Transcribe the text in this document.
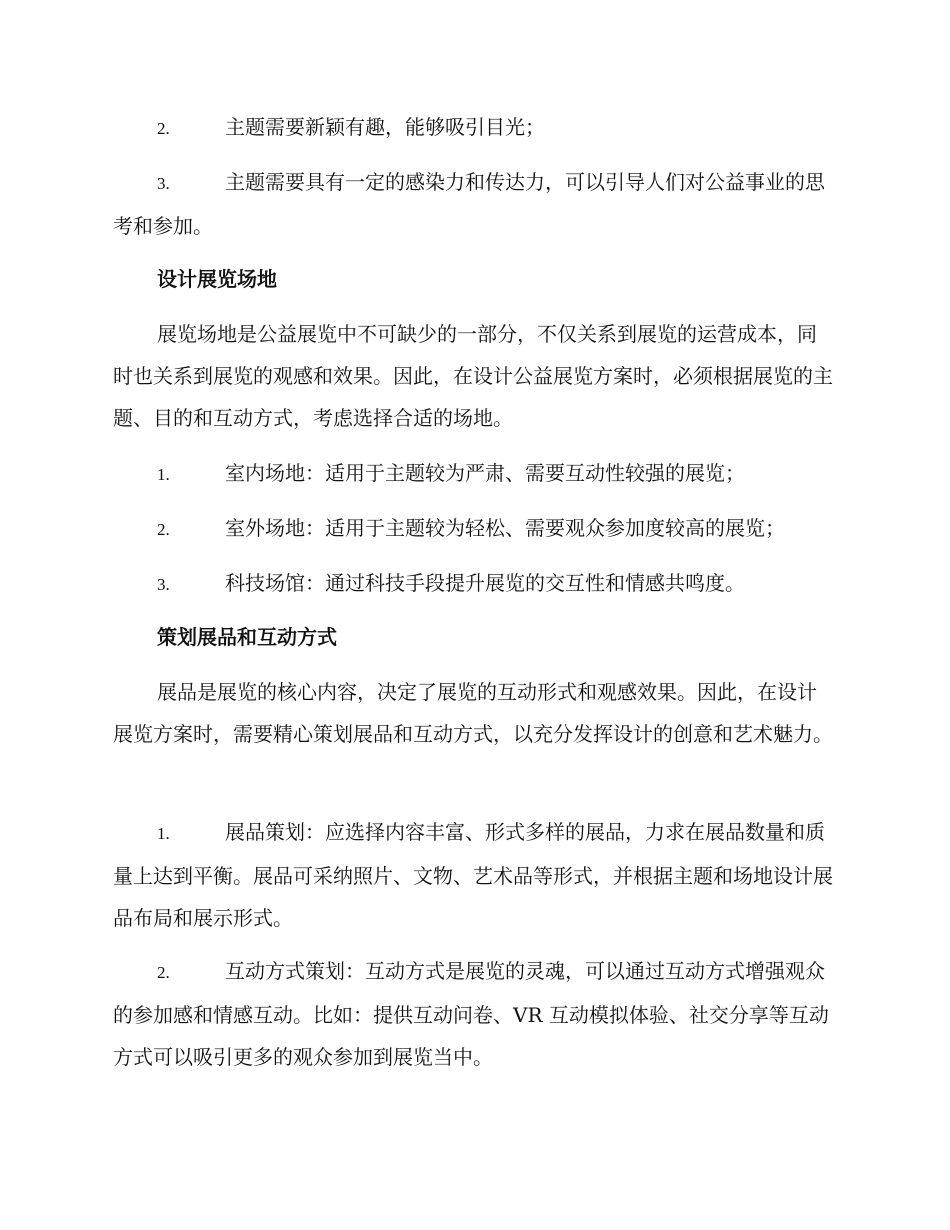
2.	主题需要新颖有趣，能够吸引目光；
3.	主题需要具有一定的感染力和传达力，可以引导人们对公益事业的思考和参加。
设计展览场地
展览场地是公益展览中不可缺少的一部分，不仅关系到展览的运营成本，同时也关系到展览的观感和效果。因此，在设计公益展览方案时，必须根据展览的主题、目的和互动方式，考虑选择合适的场地。
1.	室内场地：适用于主题较为严肃、需要互动性较强的展览；
2.	室外场地：适用于主题较为轻松、需要观众参加度较高的展览；
3.	科技场馆：通过科技手段提升展览的交互性和情感共鸣度。
策划展品和互动方式
展品是展览的核心内容，决定了展览的互动形式和观感效果。因此，在设计展览方案时，需要精心策划展品和互动方式，以充分发挥设计的创意和艺术魅力。
1.	展品策划：应选择内容丰富、形式多样的展品，力求在展品数量和质量上达到平衡。展品可采纳照片、文物、艺术品等形式，并根据主题和场地设计展品布局和展示形式。
2.	互动方式策划：互动方式是展览的灵魂，可以通过互动方式增强观众的参加感和情感互动。比如：提供互动问卷、VR 互动模拟体验、社交分享等互动方式可以吸引更多的观众参加到展览当中。
